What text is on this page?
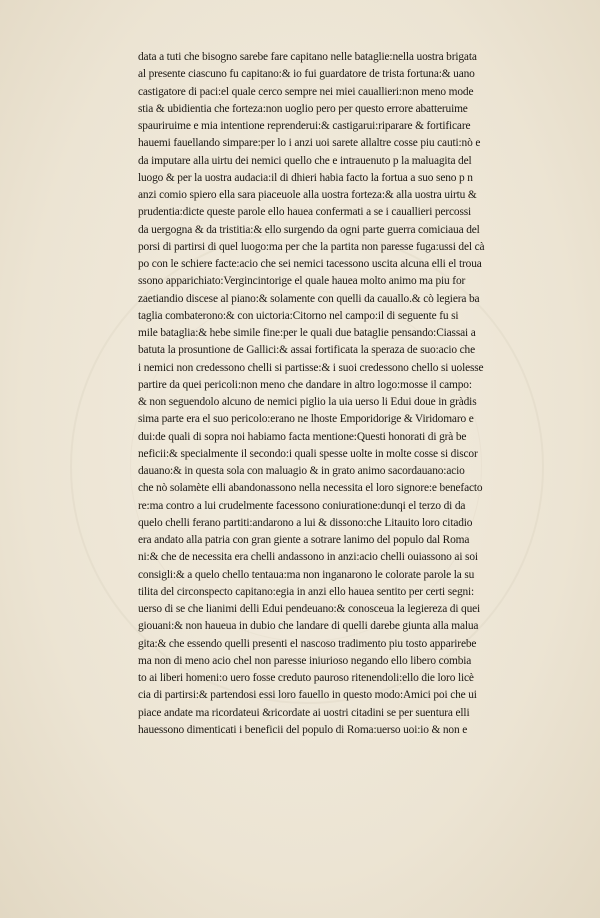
data a tuti che bisogno sarebe fare capitano nelle bataglie:nella uostra brigata
al presente ciascuno fu capitano:& io fui guardatore de trista fortuna:& uano
castigatore di paci:el quale cerco sempre nei miei cauallieri:non meno mode
stia & ubidientia che forteza:non uoglio pero per questo errore abatteruime
spauriruime e mia intentione reprenderui:& castigarui:riparare & fortificare
hauemi fauellando simpare:per lo i anzi uoi sarete allaltre cosse piu cauti:nò e
da imputare alla uirtu dei nemici quello che e intrauenuto p la maluagita del
luogo & per la uostra audacia:il di dhieri habia facto la fortua a suo seno p n
anzi comio spiero ella sara piaceuole alla uostra forteza:& alla uostra uirtu &
prudentia:dicte queste parole ello hauea confermati a se i cauallieri percossi
da uergogna & da tristitia:& ello surgendo da ogni parte guerra comiciaua del
porsi di partirsi di quel luogo:ma per che la partita non paresse fuga:ussi del cà
po con le schiere facte:acio che sei nemici tacessono uscita alcuna elli el troua
ssono apparichiato:Vergincintorige el quale hauea molto animo ma piu for
zaetiandio discese al piano:& solamente con quelli da cauallo.& cò legiera ba
taglia combaterono:& con uictoria:Citorno nel campo:il di seguente fu si
mile bataglia:& hebe simile fine:per le quali due bataglie pensando:Ciassai a
batuta la prosuntione de Gallici:& assai fortificata la speraza de suo:acio che
i nemici non credessono chelli si partisse:& i suoi credessono chello si uolesse
partire da quei pericoli:non meno che dandare in altro logo:mosse il campo:
& non seguendolo alcuno de nemici piglio la uia uerso li Edui doue in gràdis
sima parte era el suo pericolo:erano ne lhoste Emporidorige & Viridomaro e
dui:de quali di sopra noi habiamo facta mentione:Questi honorati di grà be
neficii:& specialmente il secondo:i quali spesse uolte in molte cosse si discor
dauano:& in questa sola con maluagio & in grato animo sacordauano:acio
che nò solamète elli abandonassono nella necessita el loro signore:e benefacto
re:ma contro a lui crudelmente facessono coniuratione:dunqi el terzo di da
quelo chelli ferano partiti:andarono a lui & dissono:che Litauito loro citadio
era andato alla patria con gran giente a sotrare lanimo del populo dal Roma
ni:& che de necessita era chelli andassono in anzi:acio chelli ouiassono ai soi
consigli:& a quelo chello tentaua:ma non inganarono le colorate parole la su
tilita del circonspecto capitano:egia in anzi ello hauea sentito per certi segni:
uerso di se che lianimi delli Edui pendeuano:& conosceua la legiereza di quei
giouani:& non haueua in dubio che landare di quelli darebe giunta alla malua
gita:& che essendo quelli presenti el nascoso tradimento piu tosto apparirebe
ma non di meno acio chel non paresse iniurioso negando ello libero combia
to ai liberi homeni:o uero fosse creduto pauroso ritenendoli:ello die loro licè
cia di partirsi:& partendosi essi loro fauello in questo modo:Amici poi che ui
piace andate ma ricordateui &ricordate ai uostri citadini se per suentura elli
hauessono dimenticati i beneficii del populo di Roma:uerso uoi:io & non e
